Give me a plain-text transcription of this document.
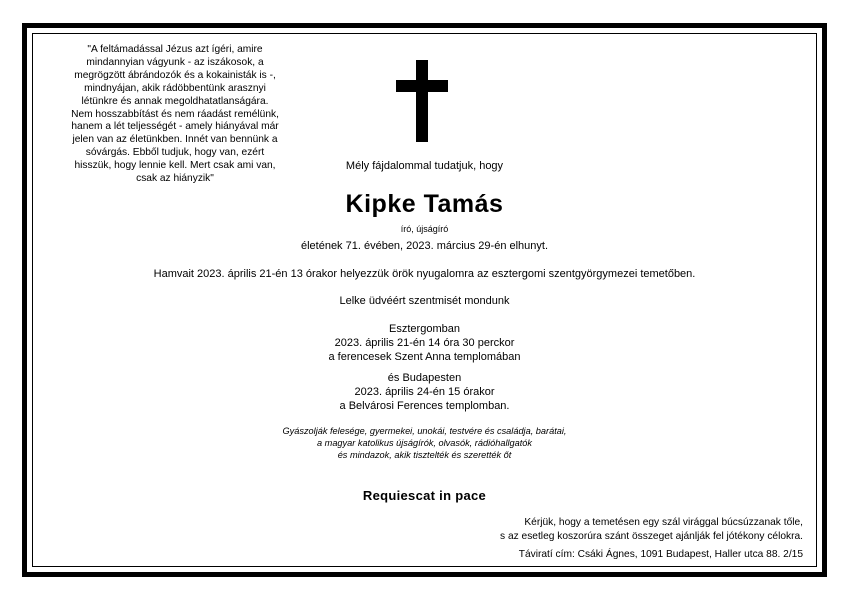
"A feltámadással Jézus azt ígéri, amire
mindannyian vágyunk - az iszákosok, a
megrögzött ábrándozók és a kokainisták is -,
mindnyájan, akik rádöbbentünk arasznyi
létünkre és annak megoldhatatlanságára.
Nem hosszabbítást és nem ráadást remélünk,
hanem a lét teljességét - amely hiányával már
jelen van az életünkben. Innét van bennünk a
sóvárgás. Ebből tudjuk, hogy van, ezért
hisszük, hogy lennie kell. Mert csak ami van,
csak az hiányzik"
Mély fájdalommal tudatjuk, hogy
Kipke Tamás
író, újságíró
életének 71. évében, 2023. március 29-én elhunyt.
Hamvait 2023. április 21-én 13 órakor helyezzük örök nyugalomra az esztergomi szentgyörgymezei temetőben.
Lelke üdvéért szentmisét mondunk
Esztergomban
2023. április 21-én 14 óra 30 perckor
a ferencesek Szent Anna templomában
és Budapesten
2023. április 24-én 15 órakor
a Belvárosi Ferences templomban.
Gyászolják felesége, gyermekei, unokái, testvére és családja, barátai,
a magyar katolikus újságírók, olvasók, rádióhallgatók
és mindazok, akik tisztelték és szerették őt
Requiescat in pace
Kérjük, hogy a temetésen egy szál virággal búcsúzzanak tőle,
s az esetleg koszorúra szánt összeget ajánlják fel jótékony célokra.
Táviratí cím: Csáki Ágnes, 1091 Budapest, Haller utca 88. 2/15
